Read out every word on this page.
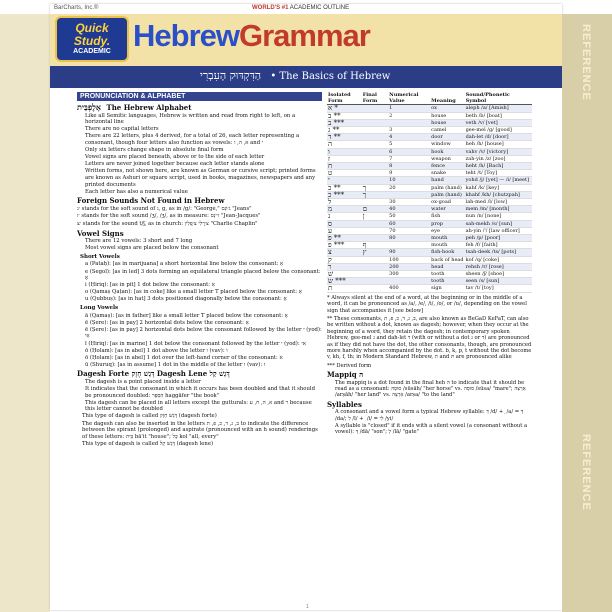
BarCharts, Inc.®	WORLD'S #1 ACADEMIC OUTLINE
Quick
Study.
ACADEMIC HebrewGrammar
הַדִּקְדּוּק הָעִבְרִי • The Basics of Hebrew	REFERENCE
REFERENCE
PRONUNCIATION & ALPHABET
אָלֶפְבֵּית The Hebrew Alphabet
• Like all Semitic languages, Hebrew is written and read from right to left, on a horizontal line
• There are no capital letters
• There are 22 letters, plus 4 derived, for a total of 26, each letter representing a consonant, though four letters also function as vowels: א, ה, ו and י
• Only six letters change shape in absolute final form
• Vowel signs are placed beneath, above or to the side of each letter
• Letters are never joined together because each letter stands alone
• Written forms, not shown here, are known as German or cursive script; printed forms are known as Ashuri or square script, used in books, magazines, newspapers and any printed documents
• Each letter has also a numerical value
Foreign Sounds Not Found in Hebrew

׳ג stands for the soft sound of ג, g, as in /g/: "George," ג׳וֹנְס "Jeans"

׳ז stands for the soft sound /ʒ/, /ʒ/, as in measure: ז׳ינְס "Jean-Jacques"

׳צ stands for the sound t/ʃ, as in church: צ׳ַרְלִי צ׳ַפְּלִין "Charlie Chaplin"

Vowel Signs
• There are 12 vowels: 3 short and 7 long
• Most vowel signs are placed below the consonant
Short Vowels
• a (Pataḥ): [as in marijuana] a short horizontal line below the consonant: אַ
• e (Segol): [as in led] 3 dots forming an equilateral triangle placed below the consonant: אֶ
• i (Ḥiriq): [as in pit] 1 dot below the consonant: אִ
• o (Qamaṣ Qaṭan): [as in coke] like a small letter T placed below the consonant: אָ
• u (Qubbuṣ): [as in hat] 3 dots positioned diagonally below the consonant: אֻ
Long Vowels
• ā (Qamaṣ): [as in father] like a small letter T placed below the consonant: אָ
• ē (Ṣere): [as in pay] 2 horizontal dots below the consonant: אֵ
• ē (Ṣere): [as in pay] 2 horizontal dots below the consonant followed by the letter י (yod): אֵי
• ī (Ḥiriq): [as in marine] 1 dot below the consonant followed by the letter י (yod): אִי
• ō (Ḥolam): [as in abel] 1 dot above the letter ו (vav): וֹ
• ō (Ḥolam): [as in abel] 1 dot over the left-hand corner of the consonant: אֹ
• ū (Shuruq): [as in assume] 1 dot in the middle of the letter ו (vav): וּ
Dagesh Forte דָּגֵשׁ חָזָק Dagesh Lene דָּגֵשׁ קַל
• The dagesh is a point placed inside a letter
• It indicates that the consonant in which it occurs has been doubled and that it should be pronounced doubled: הַסֵּפֶר haggāfer "the book"
• This dagesh can be placed in all letters except the gutturals: א, ה, ח, ע and ר because this letter cannot be doubled
• This type of dagesh is called דָּגֵשׁ חָזָק (dagesh forte)
• The dagesh can also be inserted in the letters ב, ג, ד, כ, פ, ת to indicate the difference between the spirant (prolonged) and aspirate (pronounced with an h sound) renderings of these letters: בַּיִת bā'it "house"; כָּל kol "all, every"
• This type of dagesh is called דָּגֵשׁ קַל (dagesh lene)
Isolated Form	Final Form	Numerical Value	Meaning	Sound/Phonetic Symbol
א *		1	ox	aleph /a/ [Amish]
ב **		2	house	beth /b/ [boat]
ב ***			house	veth /v/ [vet]
ג **		3	camel	gee-mel /g/ [good]
ד **		4	door	dah-let /d/ [door]
ה		5	window	heh /h/ [house]
ו		6	hook	vahv /v/ [victory]
ז		7	weapon	zah-yin /z/ [zoo]
ח		8	fence	heht /h/ [Bach]
ט		9	snake	teht /t/ [Toy]
י		10	hand	yohd /j/ [yet] — /i/ [meet]
כ **	ך	20	palm (hand)	kahf /k/ [key]
כ ***	ך		palm (hand)	khahf /kh/ [chutzpah]
ל		30	ox-goad	lah-med /l/ [low]
מ	ם	40	water	mem /m/ [month]
נ	ן	50	fish	nun /n/ [none]
ס		60	prop	sah-mekh /s/ [sun]
ע		70	eye	ah-yin /'/ [law officer]
פ **		80	mouth	peh /p/ [poor]
פ ***	ף		mouth	feh /f/ [faith]
צ	ץ	90	fish-hook	tsah-deek /ts/ [pots]
ק		100	back of head	kof /q/ [coke]
ר		200	head	rehsh /r/ [rose]
שׁ		300	tooth	sheen /ʃ/ [shoe]
שׂ ***			tooth	seen /s/ [sun]
ת		400	sign	tav /t/ [toy]

* Always silent at the end of a word, at the beginning or in the middle of a word, it can be pronounced as /a/, /e/, /i/, /o/, or /u/, depending on the vowel sign that accompanies it [see below]

** These consonants, ב, ג, ד, כ, פ, ת, are also known as BeGaD KeFaT, can also be written without a dot, known as dagesh; however, when they occur at the beginning of a word, they retain the dagesh; in contemporary spoken Hebrew, gee-mel ג and dah-let ד (with or without a dot ג or ד) are pronounced as if they did not have the dot, the other consonants, though, are pronounced more harshly when accompanied by the dot. b, k, p, t without the dot become v, kh, f, th; in Modern Standard Hebrew, ת and תּ are pronounced alike

*** Derived form

Mappiq הּ
• The mappiq is a dot found in the final heh הּ to indicate that it should be read as a consonant: סוּסָהּ /sūsāh/ "her horse" vs. סוּסָה /sūsa/ "mare"; אַרְצָהּ /arṣāh/ "her land" vs. אַרְצָה /arṣa/ "to the land"
Syllables
• A consonant and a vowel form a typical Hebrew syllable: דְּ /d/ + ָ /a/ = דָּ /da/; לִ /l/ + ִ /i/ = לִי /yi/
• A syllable is "closed" if it ends with a silent vowel (a consonant without a vowel): דָּ /dā/ "son"; לְ /lā/ "gate"
1
